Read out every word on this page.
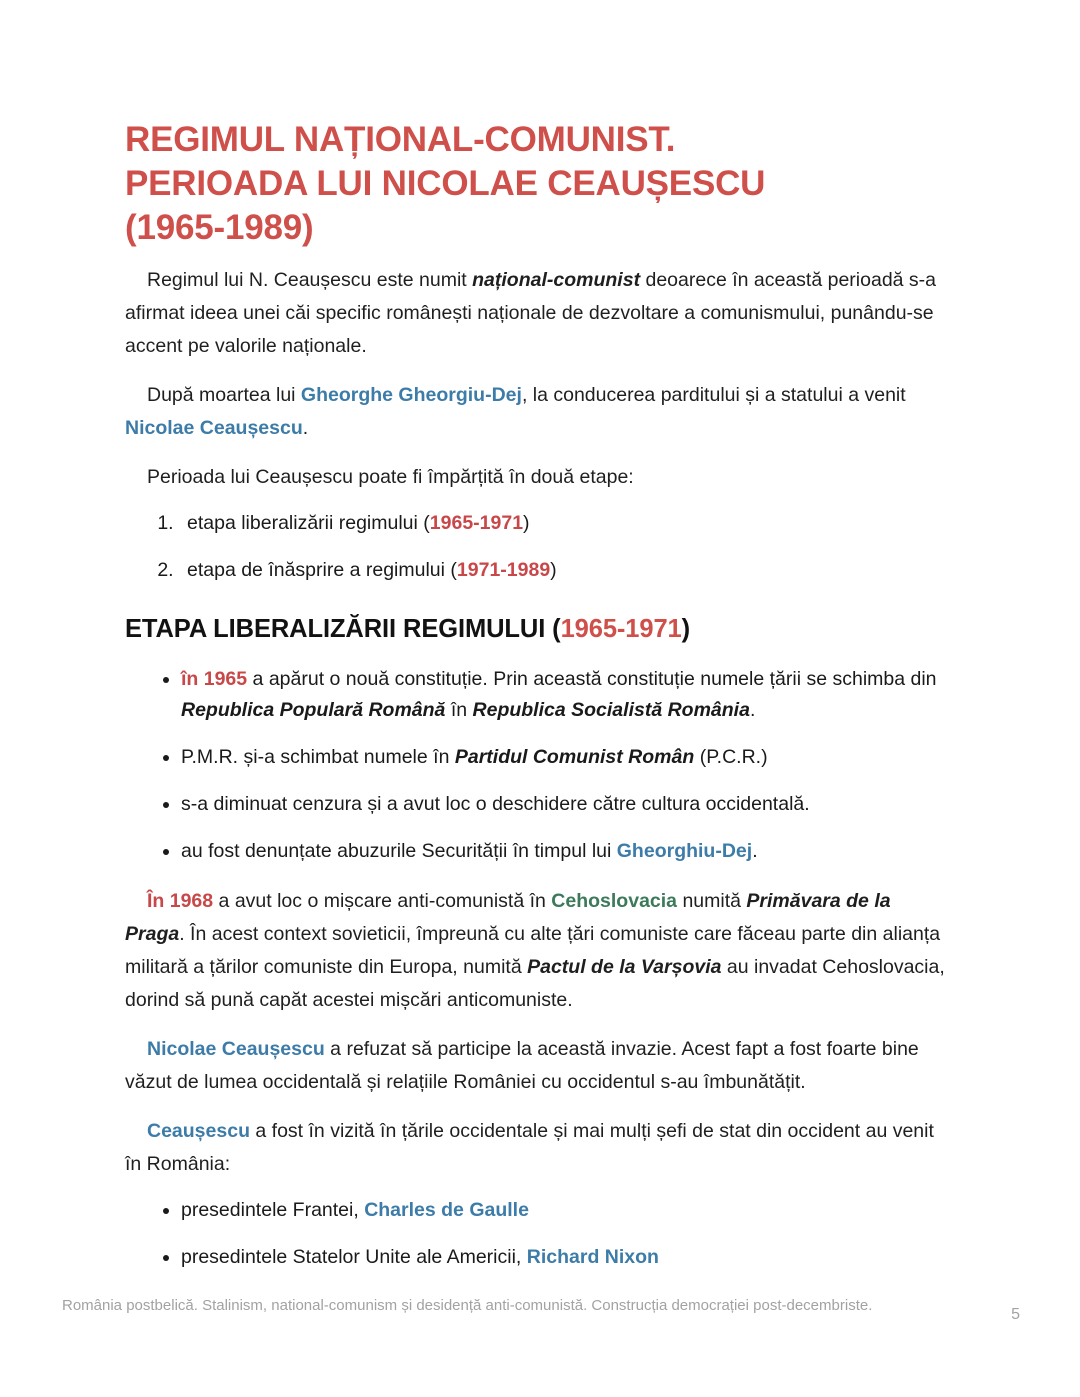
REGIMUL NAȚIONAL-COMUNIST.
PERIOADA LUI NICOLAE CEAUȘESCU
(1965-1989)

Regimul lui N. Ceaușescu este numit național-comunist deoarece în această perioadă s-a afirmat ideea unei căi specific românești naționale de dezvoltare a comunismului, punându-se accent pe valorile naționale.

După moartea lui Gheorghe Gheorgiu-Dej, la conducerea parditului și a statului a venit Nicolae Ceaușescu.

Perioada lui Ceaușescu poate fi împărțită în două etape:

1. etapa liberalizării regimului (1965-1971)
2. etapa de înăsprire a regimului (1971-1989)
ETAPA LIBERALIZĂRII REGIMULUI (1965-1971)
în 1965 a apărut o nouă constituție. Prin această constituție numele țării se schimba din Republica Populară Română în Republica Socialistă România.
P.M.R. și-a schimbat numele în Partidul Comunist Român (P.C.R.)
s-a diminuat cenzura și a avut loc o deschidere către cultura occidentală.
au fost denunțate abuzurile Securității în timpul lui Gheorghiu-Dej.

În 1968 a avut loc o mișcare anti-comunistă în Cehoslovacia numită Primăvara de la Praga. În acest context sovieticii, împreună cu alte țări comuniste care făceau parte din alianța militară a țărilor comuniste din Europa, numită Pactul de la Varșovia au invadat Cehoslovacia, dorind să pună capăt acestei mișcări anticomuniste.

Nicolae Ceaușescu a refuzat să participe la această invazie. Acest fapt a fost foarte bine văzut de lumea occidentală și relațiile României cu occidentul s-au îmbunătățit.

Ceaușescu a fost în vizită în țările occidentale și mai mulți șefi de stat din occident au venit în România:

presedintele Frantei, Charles de Gaulle
presedintele Statelor Unite ale Americii, Richard Nixon
România postbelică. Stalinism, national-comunism și desidență anti-comunistă. Construcția democrației post-decembriste.
5
